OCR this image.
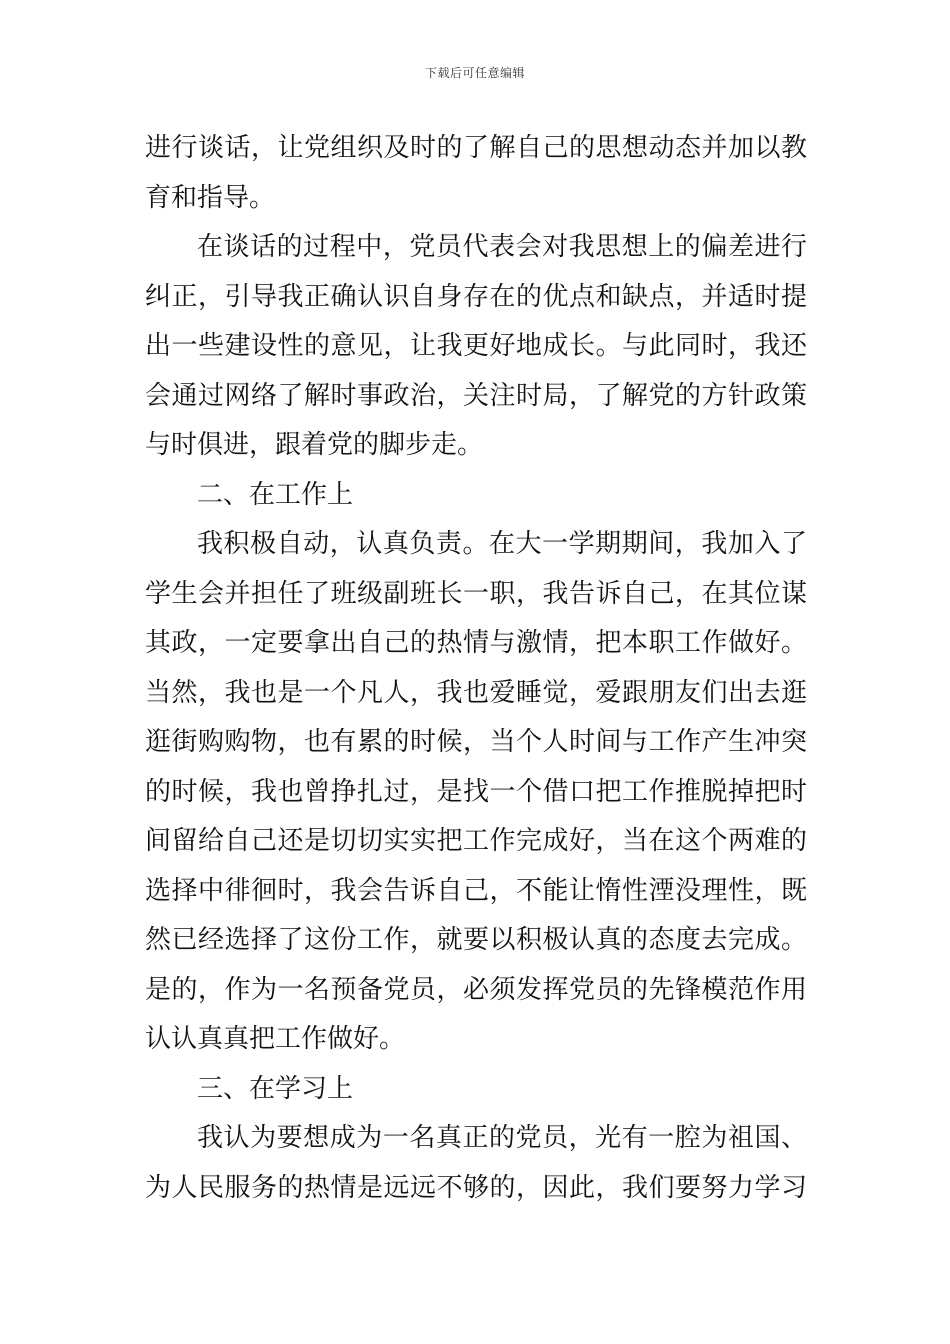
下载后可任意编辑
进行谈话，让党组织及时的了解自己的思想动态并加以教
育和指导。
在谈话的过程中，党员代表会对我思想上的偏差进行
纠正，引导我正确认识自身存在的优点和缺点，并适时提
出一些建设性的意见，让我更好地成长。与此同时，我还
会通过网络了解时事政治，关注时局，了解党的方针政策
与时俱进，跟着党的脚步走。
二、在工作上
我积极自动，认真负责。在大一学期期间，我加入了
学生会并担任了班级副班长一职，我告诉自己，在其位谋
其政，一定要拿出自己的热情与激情，把本职工作做好。
当然，我也是一个凡人，我也爱睡觉，爱跟朋友们出去逛
逛街购购物，也有累的时候，当个人时间与工作产生冲突
的时候，我也曾挣扎过，是找一个借口把工作推脱掉把时
间留给自己还是切切实实把工作完成好，当在这个两难的
选择中徘徊时，我会告诉自己，不能让惰性湮没理性，既
然已经选择了这份工作，就要以积极认真的态度去完成。
是的，作为一名预备党员，必须发挥党员的先锋模范作用
认认真真把工作做好。
三、在学习上
我认为要想成为一名真正的党员，光有一腔为祖国、
为人民服务的热情是远远不够的，因此，我们要努力学习
